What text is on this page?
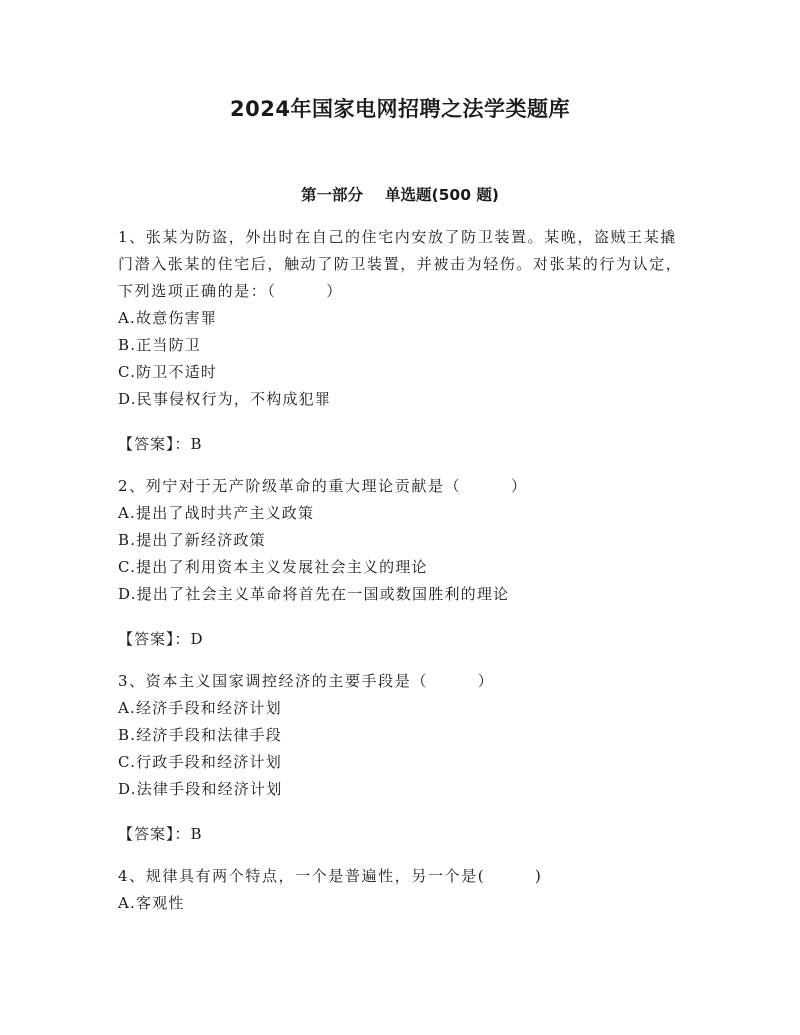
2024年国家电网招聘之法学类题库
第一部分 单选题(500 题)
1、张某为防盗，外出时在自己的住宅内安放了防卫装置。某晚，盗贼王某撬门潜入张某的住宅后，触动了防卫装置，并被击为轻伤。对张某的行为认定，下列选项正确的是：（　　　）
A.故意伤害罪
B.正当防卫
C.防卫不适时
D.民事侵权行为，不构成犯罪
【答案】：B
2、列宁对于无产阶级革命的重大理论贡献是（　　　）
A.提出了战时共产主义政策
B.提出了新经济政策
C.提出了利用资本主义发展社会主义的理论
D.提出了社会主义革命将首先在一国或数国胜利的理论
【答案】：D
3、资本主义国家调控经济的主要手段是（　　　）
A.经济手段和经济计划
B.经济手段和法律手段
C.行政手段和经济计划
D.法律手段和经济计划
【答案】：B
4、规律具有两个特点，一个是普遍性，另一个是(　　　)
A.客观性
